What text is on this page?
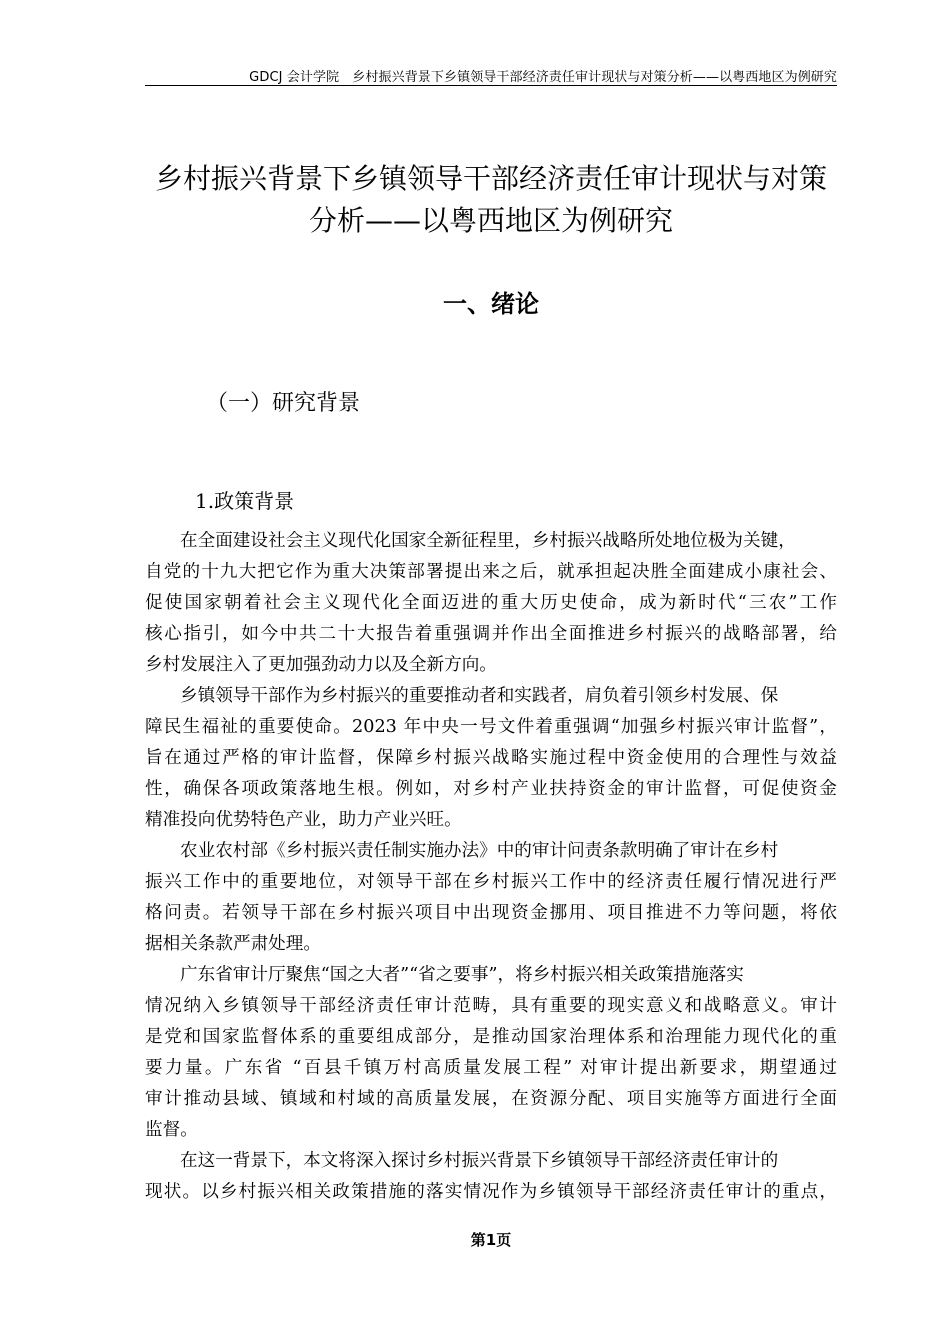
GDCJ 会计学院　乡村振兴背景下乡镇领导干部经济责任审计现状与对策分析——以粤西地区为例研究
乡村振兴背景下乡镇领导干部经济责任审计现状与对策
分析——以粤西地区为例研究
一、绪论
（一）研究背景
1.政策背景

在全面建设社会主义现代化国家全新征程里，乡村振兴战略所处地位极为关键，
自党的十九大把它作为重大决策部署提出来之后，就承担起决胜全面建成小康社会、
促使国家朝着社会主义现代化全面迈进的重大历史使命，成为新时代“三农”工作
核心指引，如今中共二十大报告着重强调并作出全面推进乡村振兴的战略部署，给
乡村发展注入了更加强劲动力以及全新方向。

乡镇领导干部作为乡村振兴的重要推动者和实践者，肩负着引领乡村发展、保
障民生福祉的重要使命。2023 年中央一号文件着重强调“加强乡村振兴审计监督”，
旨在通过严格的审计监督，保障乡村振兴战略实施过程中资金使用的合理性与效益
性，确保各项政策落地生根。例如，对乡村产业扶持资金的审计监督，可促使资金
精准投向优势特色产业，助力产业兴旺。

农业农村部《乡村振兴责任制实施办法》中的审计问责条款明确了审计在乡村
振兴工作中的重要地位，对领导干部在乡村振兴工作中的经济责任履行情况进行严
格问责。若领导干部在乡村振兴项目中出现资金挪用、项目推进不力等问题，将依
据相关条款严肃处理。

广东省审计厅聚焦“国之大者”“省之要事”，将乡村振兴相关政策措施落实
情况纳入乡镇领导干部经济责任审计范畴，具有重要的现实意义和战略意义。审计
是党和国家监督体系的重要组成部分，是推动国家治理体系和治理能力现代化的重
要力量。广东省 “百县千镇万村高质量发展工程” 对审计提出新要求，期望通过
审计推动县域、镇域和村域的高质量发展，在资源分配、项目实施等方面进行全面
监督。

在这一背景下，本文将深入探讨乡村振兴背景下乡镇领导干部经济责任审计的
现状。以乡村振兴相关政策措施的落实情况作为乡镇领导干部经济责任审计的重点，

第1页
